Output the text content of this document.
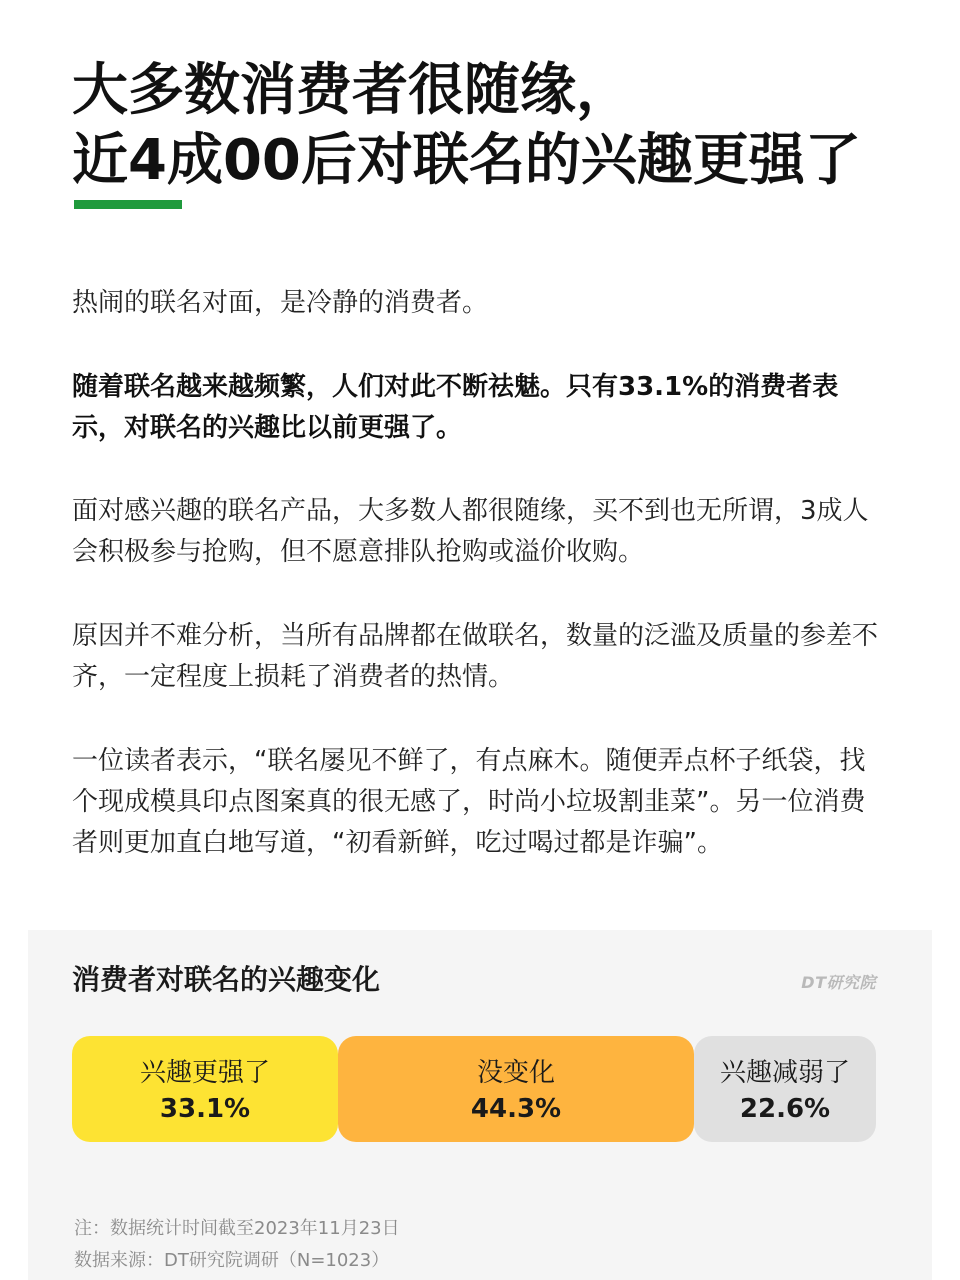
大多数消费者很随缘，
近4成00后对联名的兴趣更强了

热闹的联名对面，是冷静的消费者。

随着联名越来越频繁，人们对此不断祛魅。只有33.1%的消费者表示，对联名的兴趣比以前更强了。

面对感兴趣的联名产品，大多数人都很随缘，买不到也无所谓，3成人会积极参与抢购，但不愿意排队抢购或溢价收购。

原因并不难分析，当所有品牌都在做联名，数量的泛滥及质量的参差不齐，一定程度上损耗了消费者的热情。

一位读者表示，“联名屡见不鲜了，有点麻木。随便弄点杯子纸袋，找个现成模具印点图案真的很无感了，时尚小垃圾割韭菜”。另一位消费者则更加直白地写道，“初看新鲜，吃过喝过都是诈骗”。

消费者对联名的兴趣变化	DT研究院
兴趣更强了
33.1%
没变化
44.3%
兴趣减弱了
22.6%

注：数据统计时间截至2023年11月23日

数据来源：DT研究院调研（N=1023）
